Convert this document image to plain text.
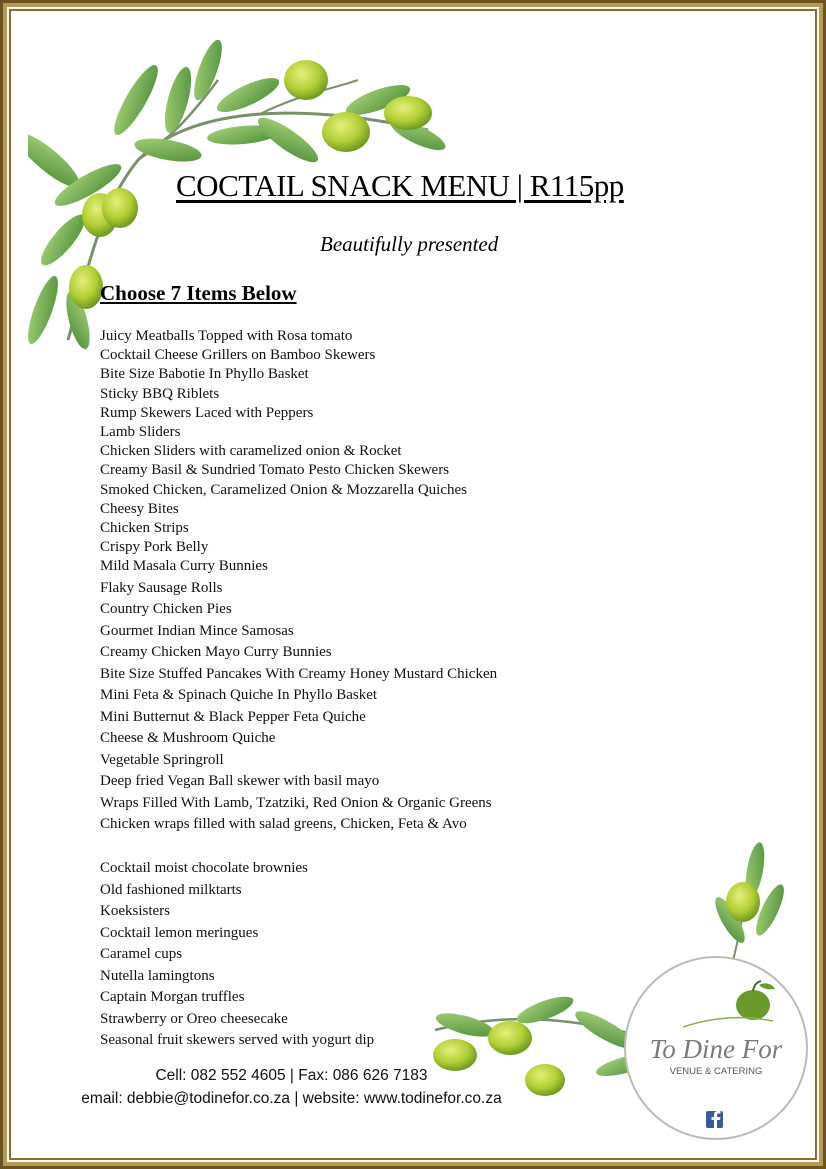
COCTAIL SNACK MENU | R115pp
Beautifully presented
Choose 7 Items Below
Juicy Meatballs Topped with Rosa tomato
Cocktail Cheese Grillers on Bamboo Skewers
Bite Size Babotie In Phyllo Basket
Sticky BBQ Riblets
Rump Skewers Laced with Peppers
Lamb Sliders
Chicken Sliders with caramelized onion & Rocket
Creamy Basil & Sundried Tomato Pesto Chicken Skewers
Smoked Chicken, Caramelized Onion & Mozzarella Quiches
Cheesy Bites
Chicken Strips
Crispy Pork Belly
Mild Masala Curry Bunnies
Flaky Sausage Rolls
Country Chicken Pies
Gourmet Indian Mince Samosas
Creamy Chicken Mayo Curry Bunnies
Bite Size Stuffed Pancakes With Creamy Honey Mustard Chicken
Mini Feta & Spinach Quiche In Phyllo Basket
Mini Butternut & Black Pepper Feta Quiche
Cheese & Mushroom Quiche
Vegetable Springroll
Deep fried Vegan Ball skewer with basil mayo
Wraps Filled With Lamb, Tzatziki, Red Onion & Organic Greens
Chicken wraps filled with salad greens, Chicken, Feta & Avo
Cocktail moist chocolate brownies
Old fashioned milktarts
Koeksisters
Cocktail lemon meringues
Caramel cups
Nutella lamingtons
Captain Morgan truffles
Strawberry or Oreo cheesecake
Seasonal fruit skewers served with yogurt dip
Cell: 082 552 4605 | Fax: 086 626 7183
email: debbie@todinefor.co.za | website: www.todinefor.co.za
To Dine For
VENUE & CATERING
